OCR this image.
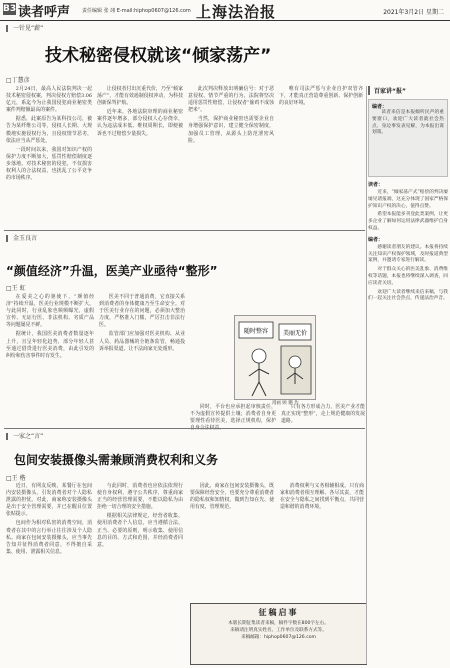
B3 读者呼声 责任编辑 张 翊 E-mail:hiphop0607@126.com 上海法治报	2021年3月2日 星期二
一针见“薪”
技术秘密侵权就该“倾家荡产”
□丁慧彦

2月24日，最高人民法院判决一起技术秘密侵权案，判决侵权方赔偿3.06亿元，系迄今为止我国侵犯商业秘密类案件判赔额最高的案件。

据悉，此案原告为某科技公司，被告为某纤维公司等，侵权人长期、大规模地实施侵权行为，且侵权情节恶劣，依法应当从严惩处。

一段时间以来，我国对知识产权的保护力度不断加大，惩罚性赔偿制度逐步落地。对技术秘密的侵犯，不仅损害权利人的合法权益，也扰乱了公平竞争的市场秩序。

让侵权者付出沉重代价，乃至“倾家荡产”，才能有效遏制侵权冲动，为科技创新保驾护航。

近年来，各地法院审理的商业秘密案件逐年增多，部分侵权人心存侥幸，认为违法成本低、维权周期长，即便被诉也不过赔偿少量损失。

此次判决释放出明确信号：对于恶意侵权、情节严重的行为，法院将坚决适用惩罚性赔偿，让侵权者“偷鸡不成蚀把米”。

当然，保护商业秘密也需要企业自身增强保护意识，建立健全保密制度，加强员工管理，从源头上防范泄密风险。

唯有司法严惩与企业自护双管齐下，才能真正营造尊重创新、保护创新的良好环境。

金玉良言
“颜值经济”升温，医美产业亟待“整形”
□王 虹

在爱美之心的驱使下，“颜值经济”持续升温，医美行业规模不断扩大。与此同时，行业乱象也频频曝光，虚假宣传、无证行医、非法机构、劣质产品等问题屡见不鲜。

据统计，我国医美消费者数量逐年上升，且呈年轻化趋势，部分年轻人甚至通过借贷进行医美消费，由此引发的纠纷和伤害事件时有发生。

医美不同于普通消费，它直接关系到消费者的身体健康乃至生命安全。对于医美行业存在的问题，必须加大整治力度，严格准入门槛，严厉打击非法行医。

监管部门应加强对医美机构、从业人员、药品器械的全链条监管，畅通投诉举报渠道，让不法商家无处遁形。

同时，平台也应承担起审核责任，不为虚假宣传提供土壤；消费者自身更要理性看待医美，选择正规机构，保护自身合法权益。

只有各方形成合力，医美产业才能真正实现“整形”，走上规范健康的发展道路。

随时整容 美丽无价
漫画 顾 鹏 作
一家之“言”
包间安装摄像头需兼顾消费权利和义务
□王 楷

近日，有网友反映，某餐厅在包间内安装摄像头，引发消费者对个人隐私泄露的担忧。对此，商家称安装摄像头是出于安全管理需要，并已在醒目位置张贴提示。

包间作为相对私密的消费空间，消费者在其中的言行举止往往涉及个人隐私。商家在包间安装摄像头，应当事先告知并征得消费者同意，不得擅自采集、使用、泄露相关信息。

与此同时，消费者也应依法依规行使自身权利，遵守公共秩序，尊重商家正当的经营管理需要，不能以隐私为由拒绝一切合理的安全措施。

根据相关法律规定，经营者收集、使用消费者个人信息，应当遵循合法、正当、必要的原则，明示收集、使用信息的目的、方式和范围，并经消费者同意。

因此，商家在包间安装摄像头，既要保障经营安全，也要充分尊重消费者的隐私权和知情权，做到告知在先、使用有度、管理规范。

消费权利与义务相辅相成。只有商家和消费者相互理解、各尽其责，才能在安全与隐私之间找到平衡点，共同营造和谐的消费环境。

征稿启事

本版长期征集读者来稿，稿件字数在800字左右。

来稿请注明真实姓名、工作单位及联系方式等。

来稿邮箱：hiphop0607@126.com

百家讲“报”
编者：

读者来信是本报倾听民声的重要窗口，欢迎广大读者就社会热点、身边事发表见解，为本报出谋划策。

读者：

近来，“倾家荡产式”赔偿的判决屡屡见诸报端，这充分体现了国家严格保护知识产权的决心，值得点赞。

希望本报能多刊登此类案例，让更多企业了解如何运用法律武器维护自身权益。

编者：

感谢读者朋友的建议。本报将持续关注知识产权保护领域，及时报道典型案例，并邀请专家进行解读。

对于群众关心的医美乱象、消费维权等话题，本报也将继续深入调查，回应读者关切。

欢迎广大读者继续来信来稿，与我们一起关注社会热点，传递法治声音。
